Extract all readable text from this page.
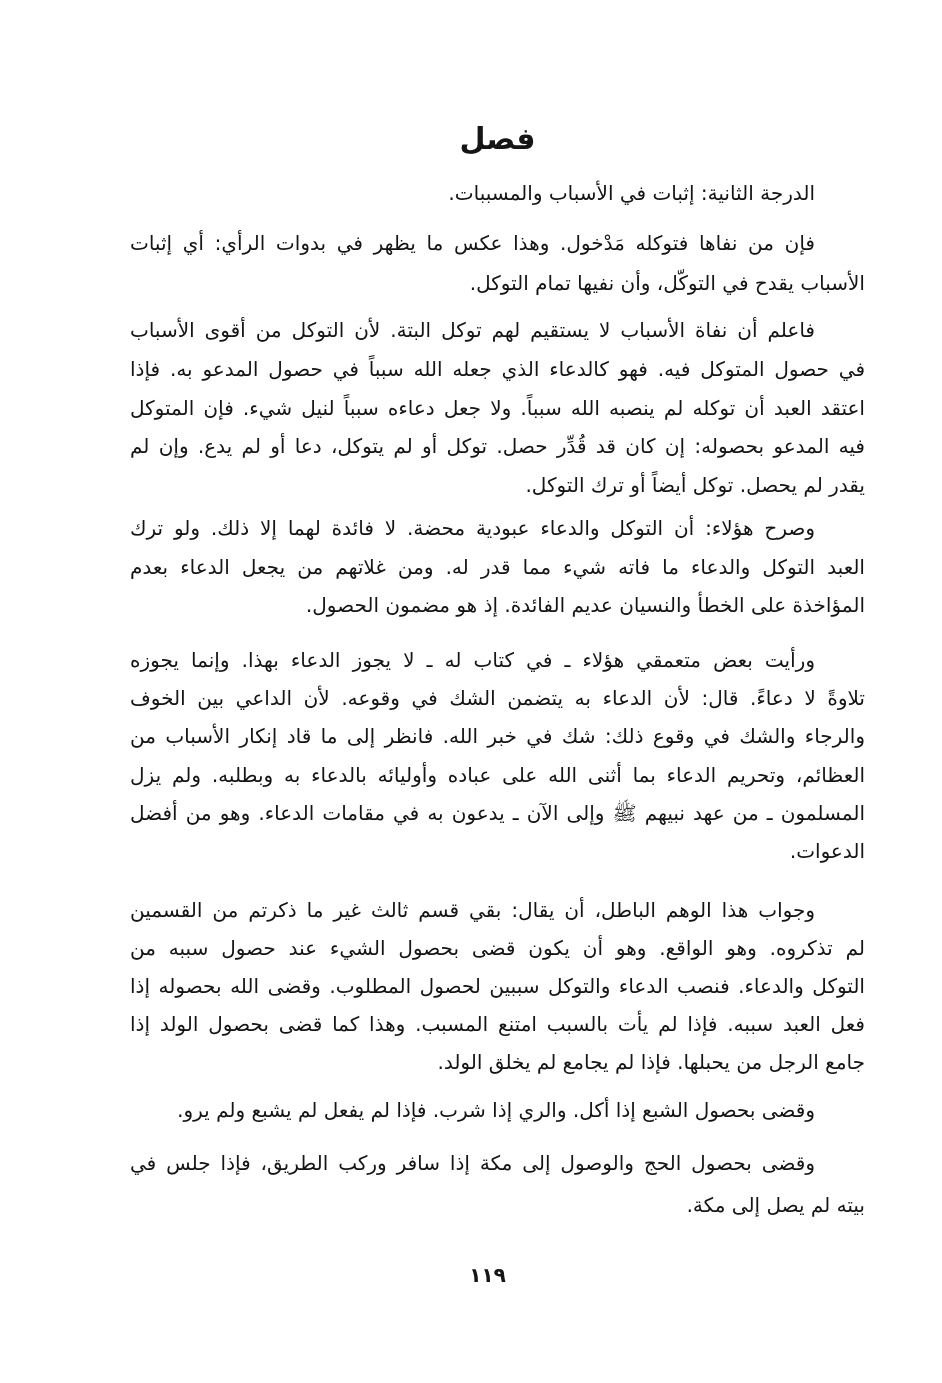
فصل
الدرجة الثانية: إثبات في الأسباب والمسببات.
فإن من نفاها فتوكله مَدْخول. وهذا عكس ما يظهر في بدوات الرأي: أي إثبات
الأسباب يقدح في التوكّل، وأن نفيها تمام التوكل.
فاعلم أن نفاة الأسباب لا يستقيم لهم توكل البتة. لأن التوكل من أقوى الأسباب
في حصول المتوكل فيه. فهو كالدعاء الذي جعله الله سبباً في حصول المدعو به. فإذا
اعتقد العبد أن توكله لم ينصبه الله سبباً. ولا جعل دعاءه سبباً لنيل شيء. فإن المتوكل
فيه المدعو بحصوله: إن كان قد قُدِّر حصل. توكل أو لم يتوكل، دعا أو لم يدع. وإن لم
يقدر لم يحصل. توكل أيضاً أو ترك التوكل.
وصرح هؤلاء: أن التوكل والدعاء عبودية محضة. لا فائدة لهما إلا ذلك. ولو ترك
العبد التوكل والدعاء ما فاته شيء مما قدر له. ومن غلاتهم من يجعل الدعاء بعدم
المؤاخذة على الخطأ والنسيان عديم الفائدة. إذ هو مضمون الحصول.
ورأيت بعض متعمقي هؤلاء ـ في كتاب له ـ لا يجوز الدعاء بهذا. وإنما يجوزه
تلاوةً لا دعاءً. قال: لأن الدعاء به يتضمن الشك في وقوعه. لأن الداعي بين الخوف
والرجاء والشك في وقوع ذلك: شك في خبر الله. فانظر إلى ما قاد إنكار الأسباب من
العظائم، وتحريم الدعاء بما أثنى الله على عباده وأوليائه بالدعاء به وبطلبه. ولم يزل
المسلمون ـ من عهد نبيهم ﷺ وإلى الآن ـ يدعون به في مقامات الدعاء. وهو من أفضل
الدعوات.
وجواب هذا الوهم الباطل، أن يقال: بقي قسم ثالث غير ما ذكرتم من القسمين
لم تذكروه. وهو الواقع. وهو أن يكون قضى بحصول الشيء عند حصول سببه من
التوكل والدعاء. فنصب الدعاء والتوكل سببين لحصول المطلوب. وقضى الله بحصوله إذا
فعل العبد سببه. فإذا لم يأت بالسبب امتنع المسبب. وهذا كما قضى بحصول الولد إذا
جامع الرجل من يحبلها. فإذا لم يجامع لم يخلق الولد.
وقضى بحصول الشبع إذا أكل. والري إذا شرب. فإذا لم يفعل لم يشبع ولم يرو.
وقضى بحصول الحج والوصول إلى مكة إذا سافر وركب الطريق، فإذا جلس في
بيته لم يصل إلى مكة.
١١٩
